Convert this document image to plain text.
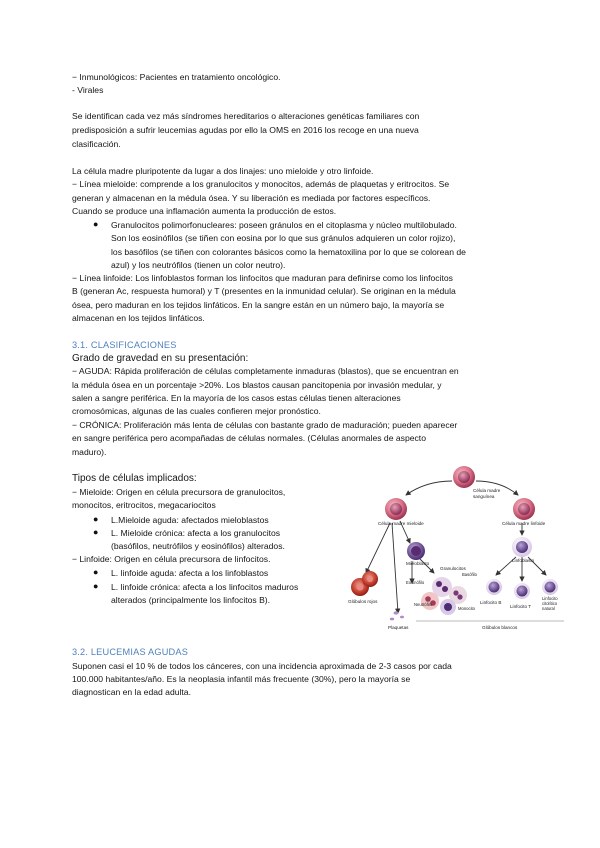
− Inmunológicos: Pacientes en tratamiento oncológico.
- Virales
Se identifican cada vez más síndromes hereditarios o alteraciones genéticas familiares con
predisposición a sufrir leucemias agudas por ello la OMS en 2016 los recoge en una nueva
clasificación.
La célula madre pluripotente da lugar a dos linajes: uno mieloide y otro linfoide.
− Línea mieloide: comprende a los granulocitos y monocitos, además de plaquetas y eritrocitos. Se
generan y almacenan en la médula ósea. Y su liberación es mediada por factores específicos.
Cuando se produce una inflamación aumenta la producción de estos.
● Granulocitos polimorfonucleares: poseen gránulos en el citoplasma y núcleo multilobulado.
Son los eosinófilos (se tiñen con eosina por lo que sus gránulos adquieren un color rojizo),
los basófilos (se tiñen con colorantes básicos como la hematoxilina por lo que se colorean de
azul) y los neutrófilos (tienen un color neutro).
− Línea linfoide: Los linfoblastos forman los linfocitos que maduran para definirse como los linfocitos
B (generan Ac, respuesta humoral) y T (presentes en la inmunidad celular). Se originan en la médula
ósea, pero maduran en los tejidos linfáticos. En la sangre están en un número bajo, la mayoría se
almacenan en los tejidos linfáticos.
3.1. CLASIFICACIONES
Grado de gravedad en su presentación:
− AGUDA: Rápida proliferación de células completamente inmaduras (blastos), que se encuentran en
la médula ósea en un porcentaje >20%. Los blastos causan pancitopenia por invasión medular, y
salen a sangre periférica. En la mayoría de los casos estas células tienen alteraciones
cromosómicas, algunas de las cuales confieren mejor pronóstico.
− CRÓNICA: Proliferación más lenta de células con bastante grado de maduración; pueden aparecer
en sangre periférica pero acompañadas de células normales. (Células anormales de aspecto
maduro).
Tipos de células implicados:
− Mieloide: Origen en célula precursora de granulocitos,
monocitos, eritrocitos, megacariocitos
● L.Mieloide aguda: afectados mieloblastos
● L. Mieloide crónica: afecta a los granulocitos
(basófilos, neutrófilos y eosinófilos) alterados.
− Linfoide: Origen en célula precursora de linfocitos.
● L. linfoide aguda: afecta a los linfoblastos
● L. linfoide crónica: afecta a los linfocitos maduros
alterados (principalmente los linfocitos B).
Célula madre
sanguínea
Célula madre mieloide	Célula madre linfoide
Mieloblasto
Linfoblasto
Glóbulos rojos
Plaquetas
Granulocitos
Basófilo
Eosinófilo
Neutrófilo
Monocito
Linfocito B
Linfocito T
Linfocito
citolítico
natural
Glóbulos blancos
3.2. LEUCEMIAS AGUDAS
Suponen casi el 10 % de todos los cánceres, con una incidencia aproximada de 2-3 casos por cada
100.000 habitantes/año. Es la neoplasia infantil más frecuente (30%), pero la mayoría se
diagnostican en la edad adulta.
